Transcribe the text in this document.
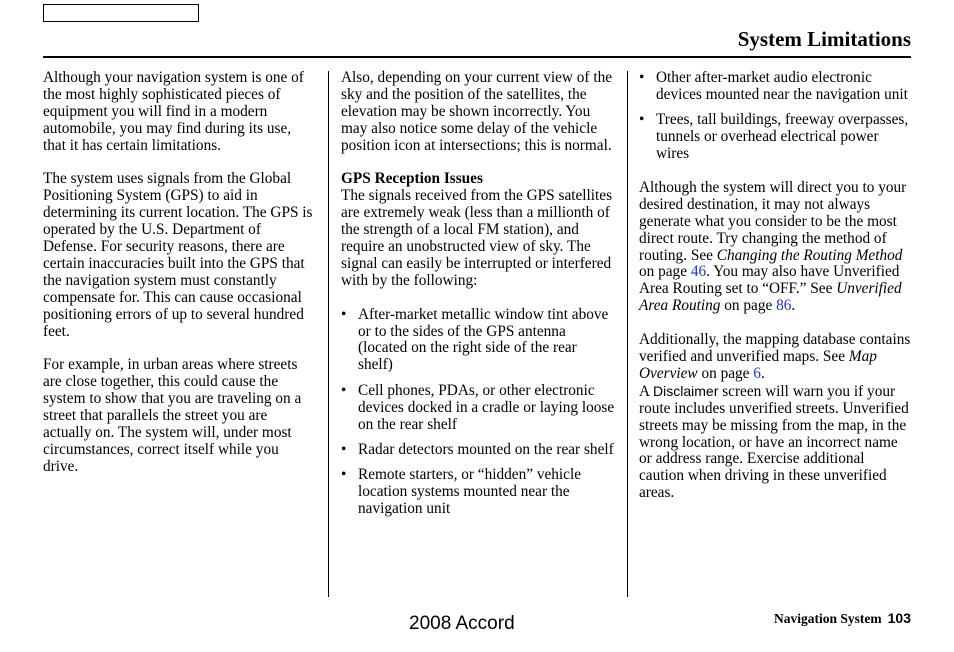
System Limitations

Although your navigation system is one of the most highly sophisticated pieces of equipment you will find in a modern automobile, you may find during its use, that it has certain limitations.

The system uses signals from the Global Positioning System (GPS) to aid in determining its current location. The GPS is operated by the U.S. Department of Defense. For security reasons, there are certain inaccuracies built into the GPS that the navigation system must constantly compensate for. This can cause occasional positioning errors of up to several hundred feet.

For example, in urban areas where streets are close together, this could cause the system to show that you are traveling on a street that parallels the street you are actually on. The system will, under most circumstances, correct itself while you drive.

Also, depending on your current view of the sky and the position of the satellites, the elevation may be shown incorrectly. You may also notice some delay of the vehicle position icon at intersections; this is normal.

GPS Reception Issues

The signals received from the GPS satellites are extremely weak (less than a millionth of the strength of a local FM station), and require an unobstructed view of sky. The signal can easily be interrupted or interfered with by the following:

• After-market metallic window tint above or to the sides of the GPS antenna (located on the right side of the rear shelf)
• Cell phones, PDAs, or other electronic devices docked in a cradle or laying loose on the rear shelf
• Radar detectors mounted on the rear shelf
• Remote starters, or “hidden” vehicle location systems mounted near the navigation unit
• Other after-market audio electronic devices mounted near the navigation unit
• Trees, tall buildings, freeway overpasses, tunnels or overhead electrical power wires

Although the system will direct you to your desired destination, it may not always generate what you consider to be the most direct route. Try changing the method of routing. See Changing the Routing Method on page 46. You may also have Unverified Area Routing set to “OFF.” See Unverified Area Routing on page 86.

Additionally, the mapping database contains verified and unverified maps. See Map Overview on page 6.

A Disclaimer screen will warn you if your route includes unverified streets. Unverified streets may be missing from the map, in the wrong location, or have an incorrect name or address range. Exercise additional caution when driving in these unverified areas.

2008 Accord	Navigation System 103
